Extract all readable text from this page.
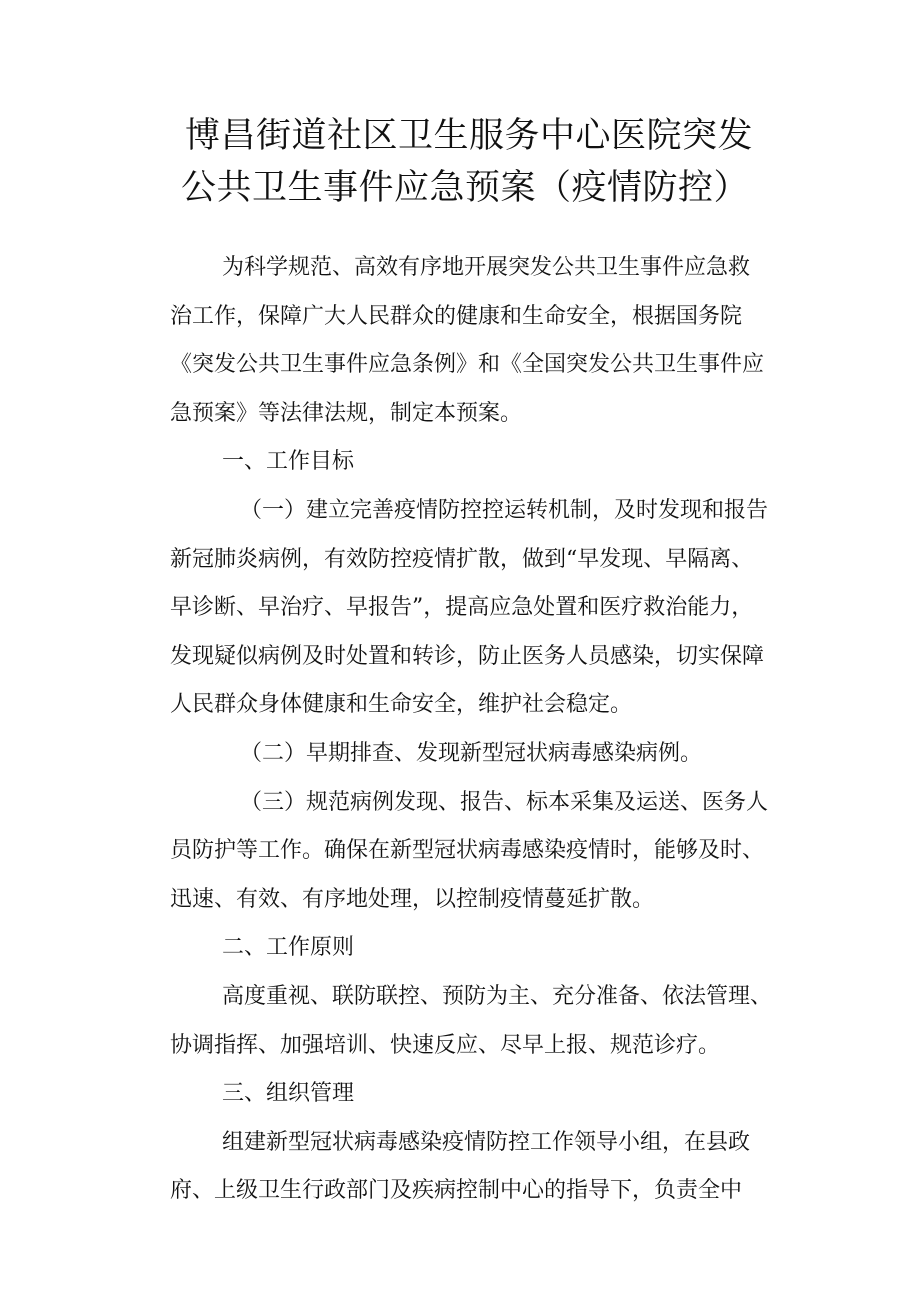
博昌街道社区卫生服务中心医院突发
公共卫生事件应急预案（疫情防控）
为科学规范、高效有序地开展突发公共卫生事件应急救
治工作，保障广大人民群众的健康和生命安全，根据国务院
《突发公共卫生事件应急条例》和《全国突发公共卫生事件应
急预案》等法律法规，制定本预案。
一、工作目标
（一）建立完善疫情防控控运转机制，及时发现和报告
新冠肺炎病例，有效防控疫情扩散，做到“早发现、早隔离、
早诊断、早治疗、早报告”，提高应急处置和医疗救治能力，
发现疑似病例及时处置和转诊，防止医务人员感染，切实保障
人民群众身体健康和生命安全，维护社会稳定。
（二）早期排查、发现新型冠状病毒感染病例。
（三）规范病例发现、报告、标本采集及运送、医务人
员防护等工作。确保在新型冠状病毒感染疫情时，能够及时、
迅速、有效、有序地处理，以控制疫情蔓延扩散。
二、工作原则
高度重视、联防联控、预防为主、充分准备、依法管理、
协调指挥、加强培训、快速反应、尽早上报、规范诊疗。
三、组织管理
组建新型冠状病毒感染疫情防控工作领导小组，在县政
府、上级卫生行政部门及疾病控制中心的指导下，负责全中
